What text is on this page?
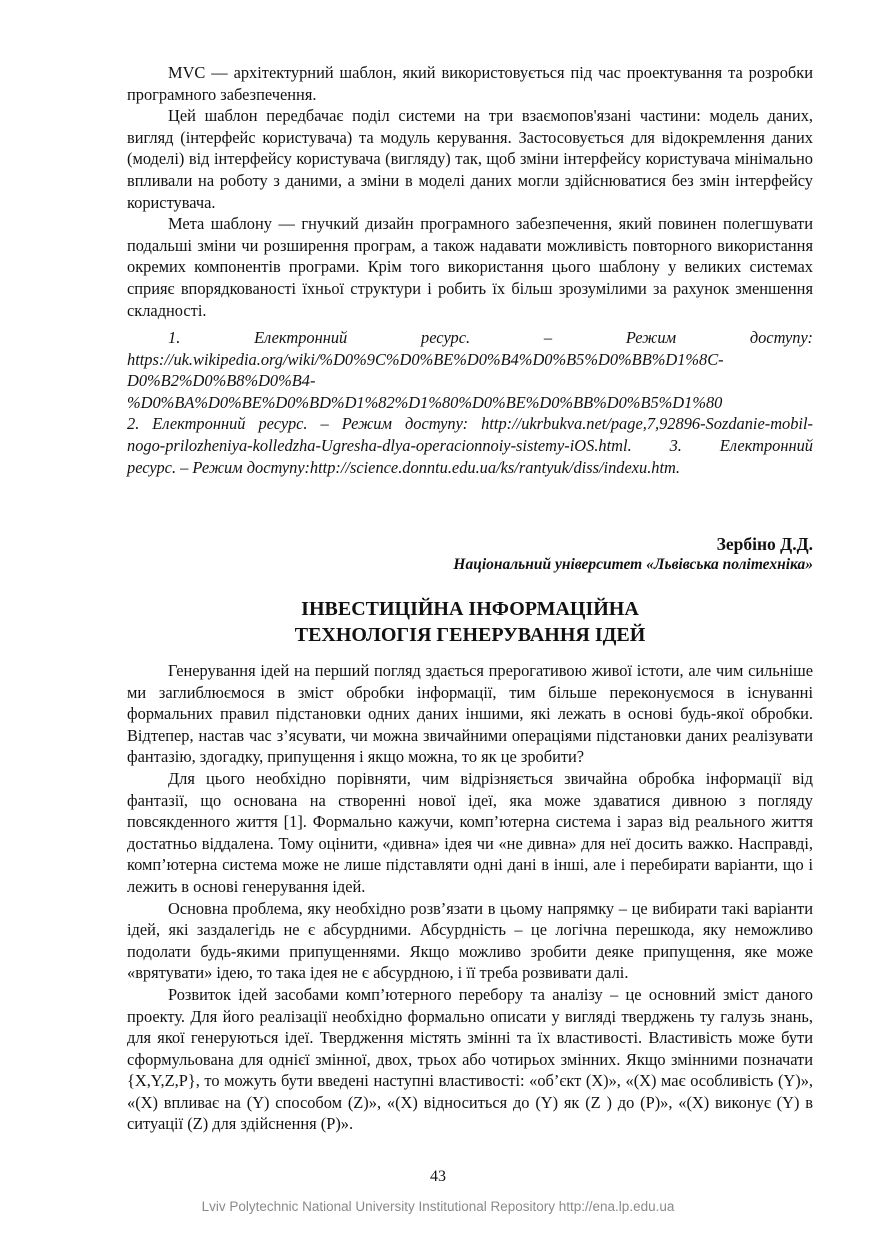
MVC — архітектурний шаблон, який використовується під час проектування та розробки програмного забезпечення.

Цей шаблон передбачає поділ системи на три взаємопов'язані частини: модель даних, вигляд (інтерфейс користувача) та модуль керування. Застосовується для відокремлення даних (моделі) від інтерфейсу користувача (вигляду) так, щоб зміни інтерфейсу користувача мінімально впливали на роботу з даними, а зміни в моделі даних могли здійснюватися без змін інтерфейсу користувача.

Мета шаблону — гнучкий дизайн програмного забезпечення, який повинен полегшувати подальші зміни чи розширення програм, а також надавати можливість повторного використання окремих компонентів програми. Крім того використання цього шаблону у великих системах сприяє впорядкованості їхньої структури і робить їх більш зрозумілими за рахунок зменшення складності.

1. Електронний ресурс. – Режим доступу:
https://uk.wikipedia.org/wiki/%D0%9C%D0%BE%D0%B4%D0%B5%D0%BB%D1%8C-
D0%B2%D0%B8%D0%B4-
%D0%BA%D0%BE%D0%BD%D1%82%D1%80%D0%BE%D0%BB%D0%B5%D1%80
2. Електронний ресурс. – Режим доступу: http://ukrbukva.net/page,7,92896-Sozdanie-mobil-
nogo-prilozheniya-kolledzha-Ugresha-dlya-operacionnoiy-sistemy-iOS.html. 3. Електронний
ресурс. – Режим доступу:http://science.donntu.edu.ua/ks/rantyuk/diss/indexu.htm.
Зербіно Д.Д.
Національний університет «Львівська політехніка»
ІНВЕСТИЦІЙНА ІНФОРМАЦІЙНА
ТЕХНОЛОГІЯ ГЕНЕРУВАННЯ ІДЕЙ

Генерування ідей на перший погляд здається прерогативою живої істоти, але чим сильніше ми заглиблюємося в зміст обробки інформації, тим більше переконуємося в існуванні формальних правил підстановки одних даних іншими, які лежать в основі будь-якої обробки. Відтепер, настав час з’ясувати, чи можна звичайними операціями підстановки даних реалізувати фантазію, здогадку, припущення і якщо можна, то як це зробити?

Для цього необхідно порівняти, чим відрізняється звичайна обробка інформації від фантазії, що основана на створенні нової ідеї, яка може здаватися дивною з погляду повсякденного життя [1]. Формально кажучи, комп’ютерна система і зараз від реального життя достатньо віддалена. Тому оцінити, «дивна» ідея чи «не дивна» для неї досить важко. Насправді, комп’ютерна система може не лише підставляти одні дані в інші, але і перебирати варіанти, що і лежить в основі генерування ідей.

Основна проблема, яку необхідно розв’язати в цьому напрямку – це вибирати такі варіанти ідей, які заздалегідь не є абсурдними. Абсурдність – це логічна перешкода, яку неможливо подолати будь-якими припущеннями. Якщо можливо зробити деяке припущення, яке може «врятувати» ідею, то така ідея не є абсурдною, і її треба розвивати далі.

Розвиток ідей засобами комп’ютерного перебору та аналізу – це основний зміст даного проекту. Для його реалізації необхідно формально описати у вигляді тверджень ту галузь знань, для якої генеруються ідеї. Твердження містять змінні та їх властивості. Властивість може бути сформульована для однієї змінної, двох, трьох або чотирьох змінних. Якщо змінними позначати {X,Y,Z,P}, то можуть бути введені наступні властивості: «об’єкт (X)», «(X) має особливість (Y)», «(X) впливає на (Y) способом (Z)», «(X) відноситься до (Y) як (Z ) до (P)», «(X) виконує (Y) в ситуації (Z) для здійснення (P)».

43
Lviv Polytechnic National University Institutional Repository http://ena.lp.edu.ua
